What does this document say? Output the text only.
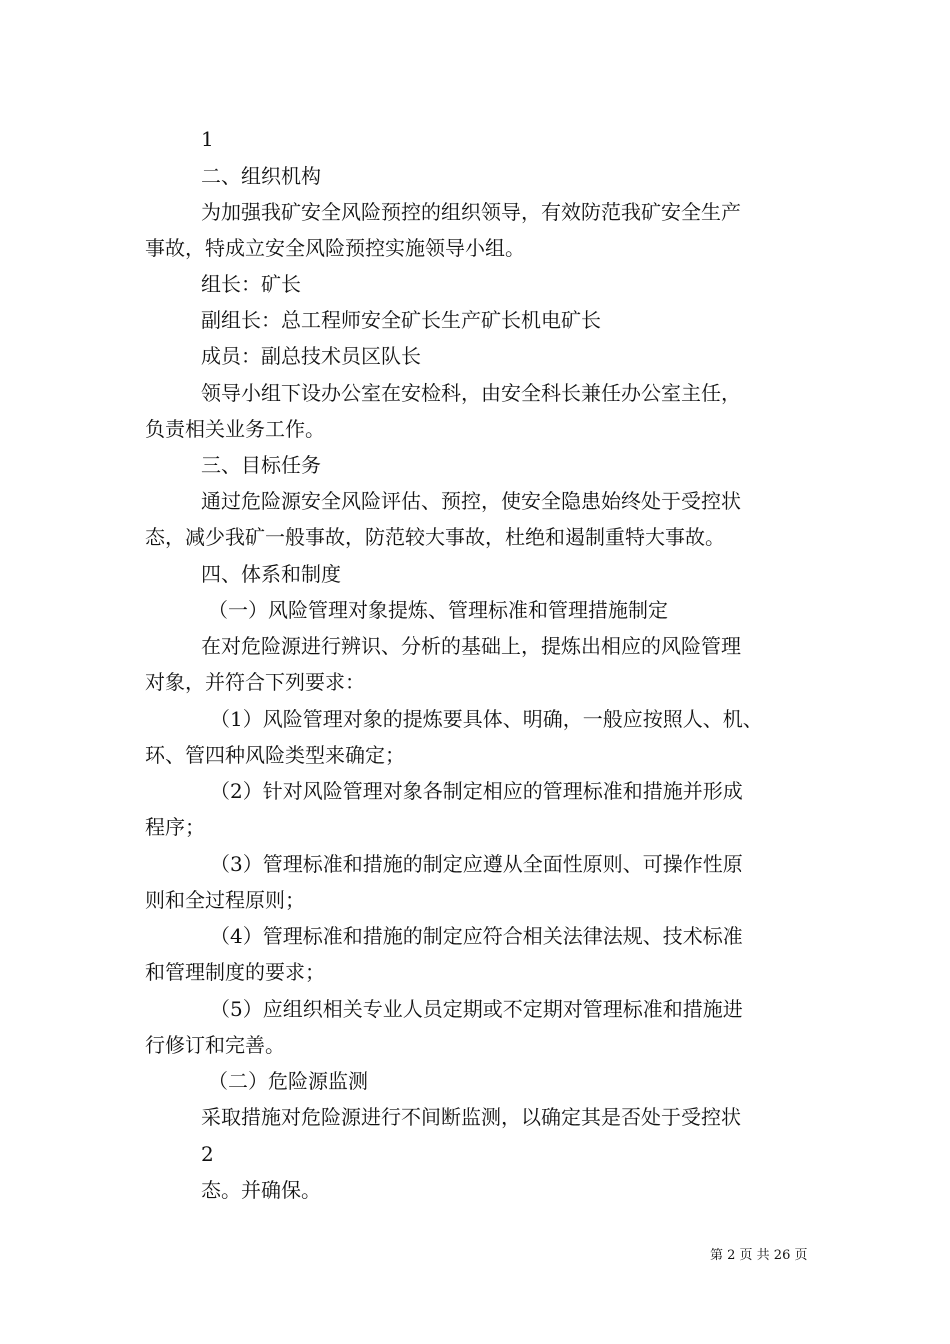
1
二、组织机构
为加强我矿安全风险预控的组织领导，有效防范我矿安全生产
事故，特成立安全风险预控实施领导小组。
组长：矿长
副组长：总工程师安全矿长生产矿长机电矿长
成员：副总技术员区队长
领导小组下设办公室在安检科，由安全科长兼任办公室主任，
负责相关业务工作。
三、目标任务
通过危险源安全风险评估、预控，使安全隐患始终处于受控状
态，减少我矿一般事故，防范较大事故，杜绝和遏制重特大事故。
四、体系和制度
（一）风险管理对象提炼、管理标准和管理措施制定
在对危险源进行辨识、分析的基础上，提炼出相应的风险管理
对象，并符合下列要求：
（1）风险管理对象的提炼要具体、明确，一般应按照人、机、
环、管四种风险类型来确定；
（2）针对风险管理对象各制定相应的管理标准和措施并形成
程序；
（3）管理标准和措施的制定应遵从全面性原则、可操作性原
则和全过程原则；
（4）管理标准和措施的制定应符合相关法律法规、技术标准
和管理制度的要求；
（5）应组织相关专业人员定期或不定期对管理标准和措施进
行修订和完善。
（二）危险源监测
采取措施对危险源进行不间断监测，以确定其是否处于受控状
2
态。并确保。
第 2 页 共 26 页
